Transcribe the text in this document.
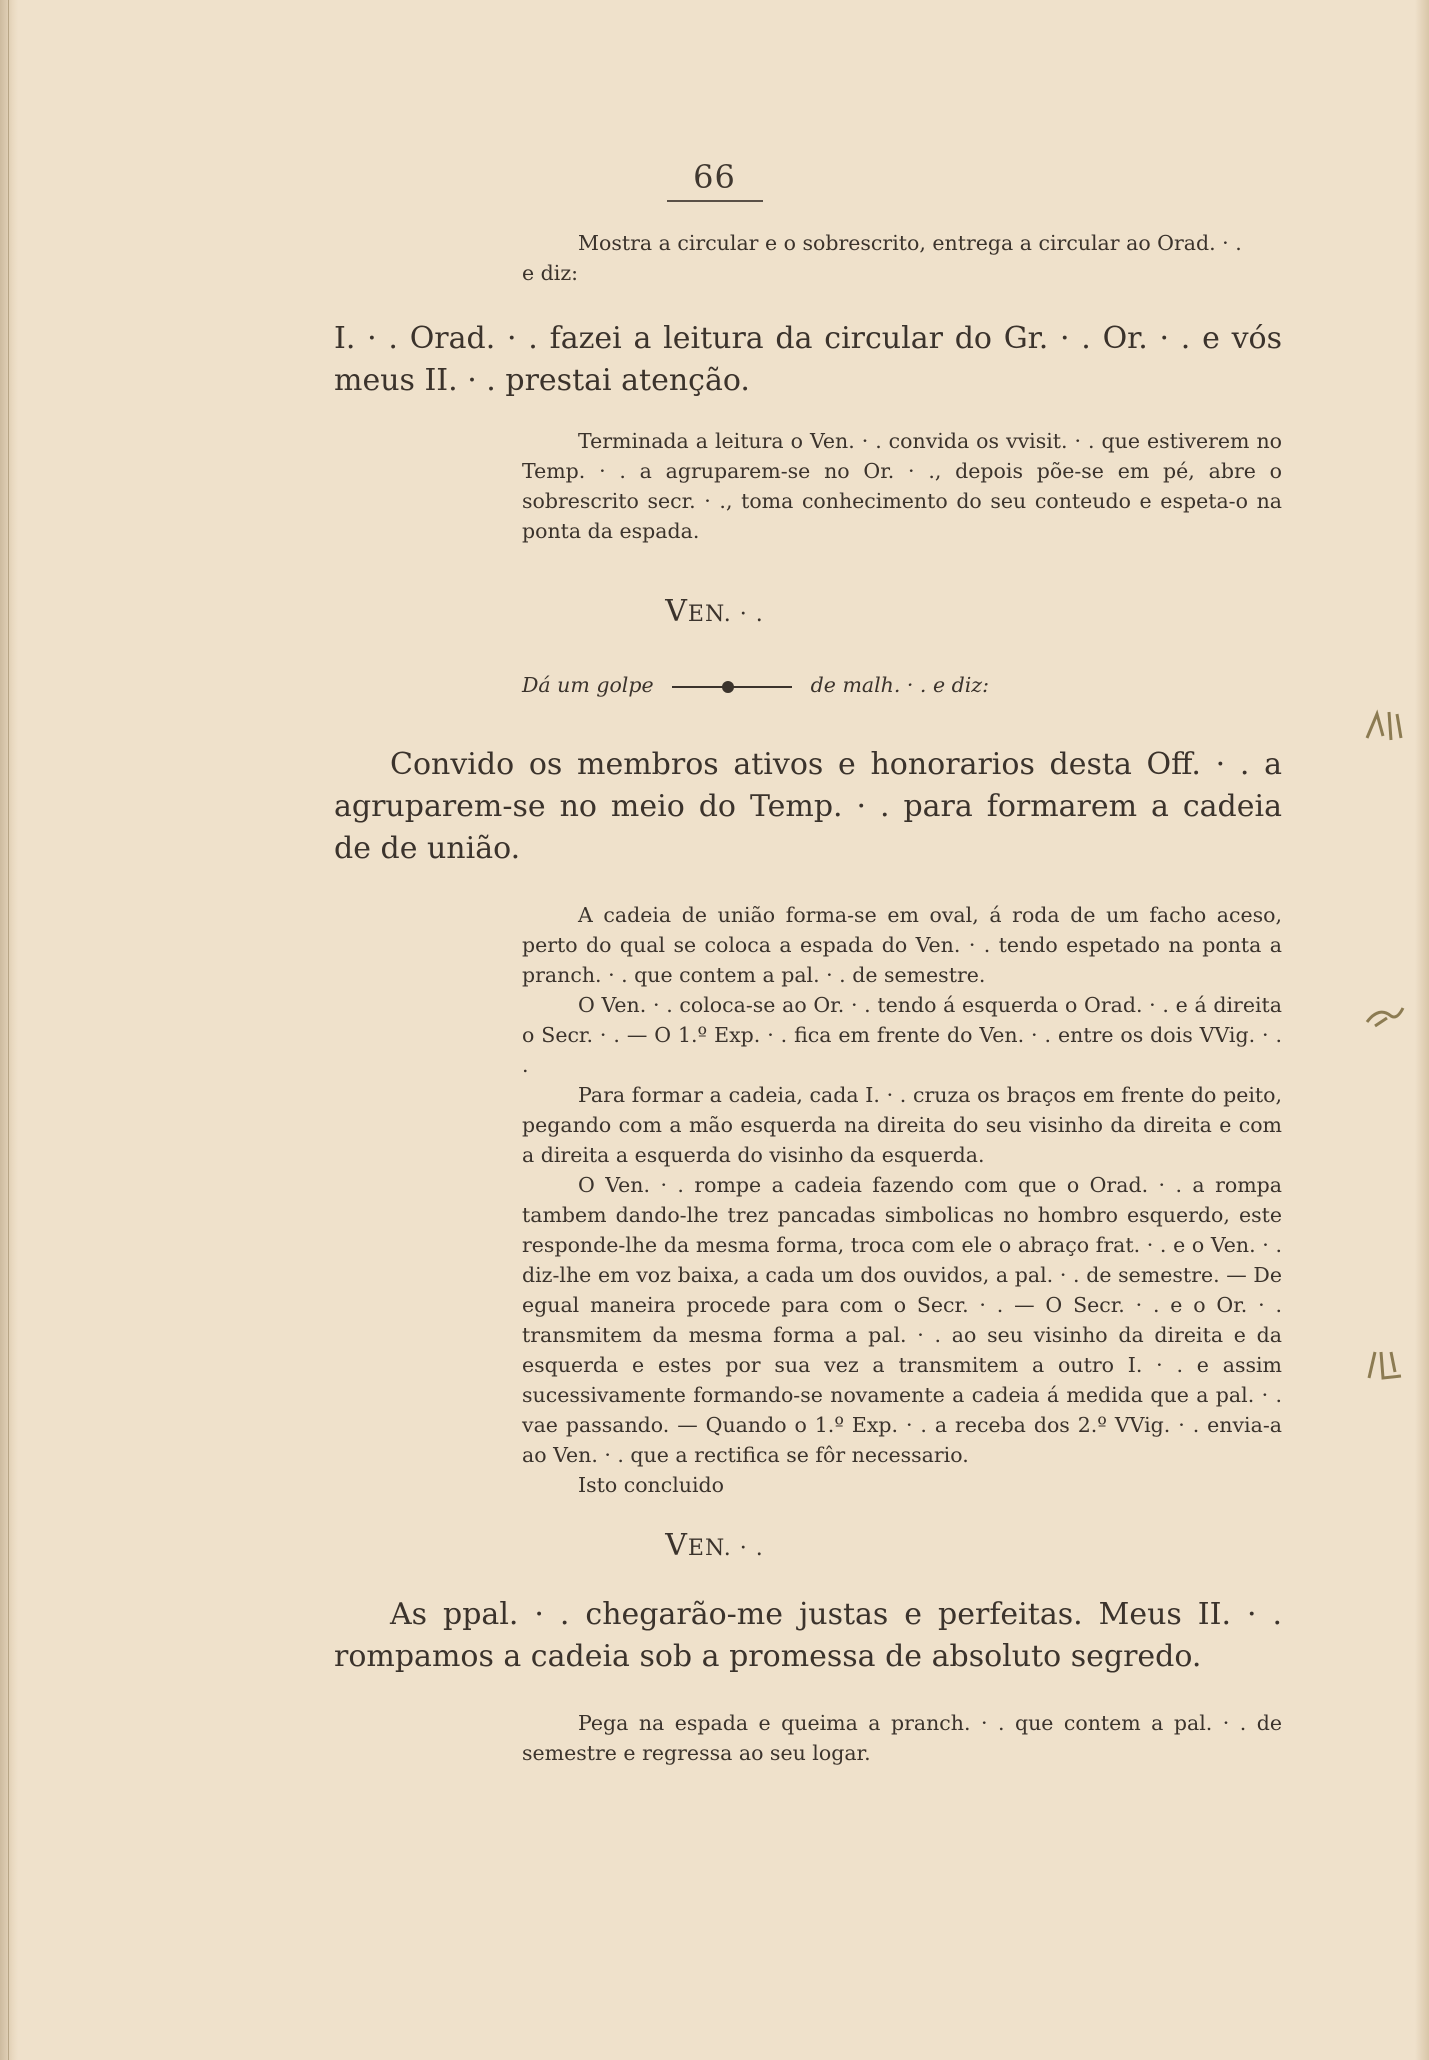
66

Mostra a circular e o sobrescrito, entrega a circular ao Orad. · .

e diz:

I. · . Orad. · . fazei a leitura da circular do Gr. · . Or. · . e vós meus II. · . prestai atenção.

Terminada a leitura o Ven. · . convida os vvisit. · . que estiverem no Temp. · . a agruparem-se no Or. · ., depois põe-se em pé, abre o sobrescrito secr. · ., toma conhecimento do seu conteudo e espeta-o na ponta da espada.

VEN. · .
Dá um golpe	de malh. · . e diz:

Convido os membros ativos e honorarios desta Off. · . a agruparem-se no meio do Temp. · . para formarem a cadeia de de união.

A cadeia de união forma-se em oval, á roda de um facho aceso, perto do qual se coloca a espada do Ven. · . tendo espetado na ponta a pranch. · . que contem a pal. · . de semestre.

O Ven. · . coloca-se ao Or. · . tendo á esquerda o Orad. · . e á direita o Secr. · . — O 1.º Exp. · . fica em frente do Ven. · . entre os dois VVig. · . .

Para formar a cadeia, cada I. · . cruza os braços em frente do peito, pegando com a mão esquerda na direita do seu visinho da direita e com a direita a esquerda do visinho da esquerda.

O Ven. · . rompe a cadeia fazendo com que o Orad. · . a rompa tambem dando-lhe trez pancadas simbolicas no hombro esquerdo, este responde-lhe da mesma forma, troca com ele o abraço frat. · . e o Ven. · . diz-lhe em voz baixa, a cada um dos ouvidos, a pal. · . de semestre. — De egual maneira procede para com o Secr. · . — O Secr. · . e o Or. · . transmitem da mesma forma a pal. · . ao seu visinho da direita e da esquerda e estes por sua vez a transmitem a outro I. · . e assim sucessivamente formando-se novamente a cadeia á medida que a pal. · . vae passando. — Quando o 1.º Exp. · . a receba dos 2.º VVig. · . envia-a ao Ven. · . que a rectifica se fôr necessario.

Isto concluido

VEN. · .

As ppal. · . chegarão-me justas e perfeitas. Meus II. · . rompamos a cadeia sob a promessa de absoluto segredo.

Pega na espada e queima a pranch. · . que contem a pal. · . de semestre e regressa ao seu logar.
